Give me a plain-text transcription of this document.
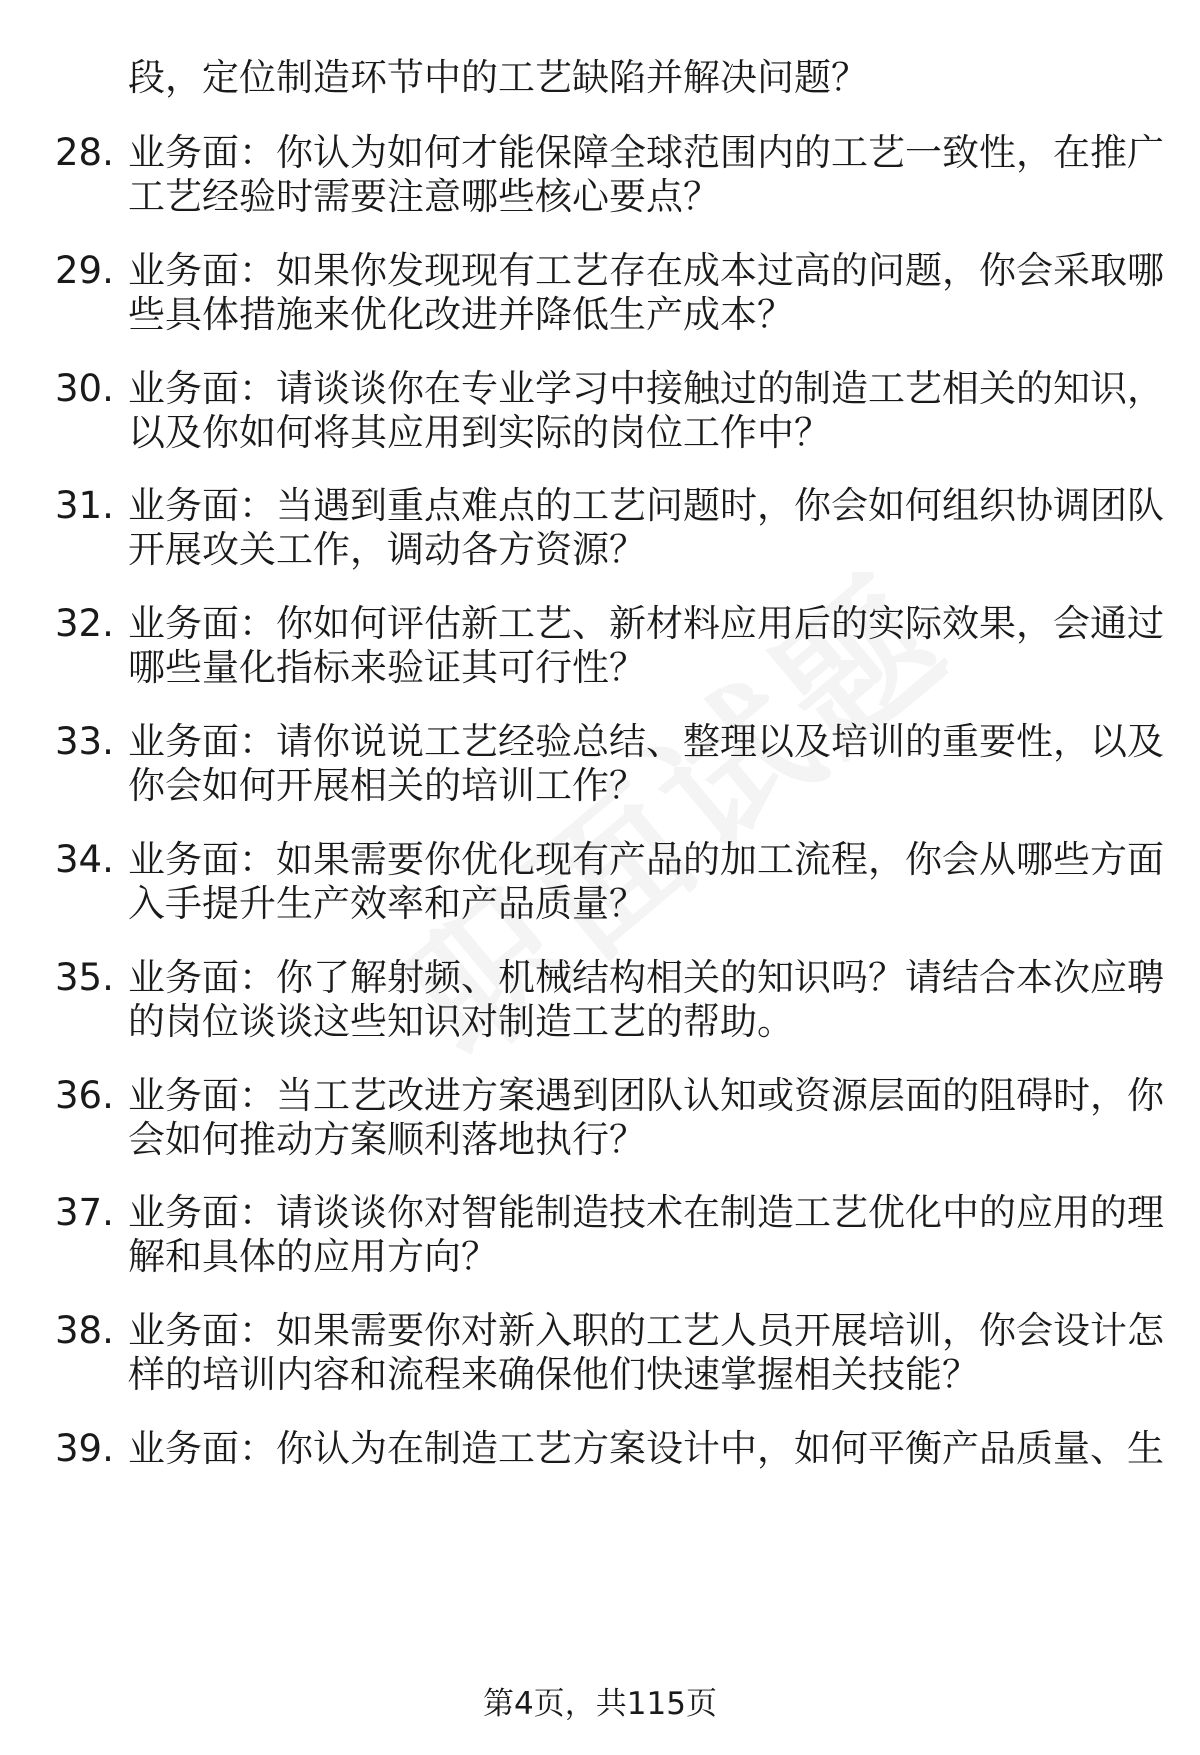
段，定位制造环节中的工艺缺陷并解决问题？
28. 业务面：你认为如何才能保障全球范围内的工艺一致性，在推广
工艺经验时需要注意哪些核心要点？
29. 业务面：如果你发现现有工艺存在成本过高的问题，你会采取哪
些具体措施来优化改进并降低生产成本？
30. 业务面：请谈谈你在专业学习中接触过的制造工艺相关的知识，
以及你如何将其应用到实际的岗位工作中？
31. 业务面：当遇到重点难点的工艺问题时，你会如何组织协调团队
开展攻关工作，调动各方资源？
32. 业务面：你如何评估新工艺、新材料应用后的实际效果，会通过
哪些量化指标来验证其可行性？
33. 业务面：请你说说工艺经验总结、整理以及培训的重要性，以及
你会如何开展相关的培训工作？
34. 业务面：如果需要你优化现有产品的加工流程，你会从哪些方面
入手提升生产效率和产品质量？
35. 业务面：你了解射频、机械结构相关的知识吗？请结合本次应聘
的岗位谈谈这些知识对制造工艺的帮助。
36. 业务面：当工艺改进方案遇到团队认知或资源层面的阻碍时，你
会如何推动方案顺利落地执行？
37. 业务面：请谈谈你对智能制造技术在制造工艺优化中的应用的理
解和具体的应用方向？
38. 业务面：如果需要你对新入职的工艺人员开展培训，你会设计怎
样的培训内容和流程来确保他们快速掌握相关技能？
39. 业务面：你认为在制造工艺方案设计中，如何平衡产品质量、生
第4页，共115页
